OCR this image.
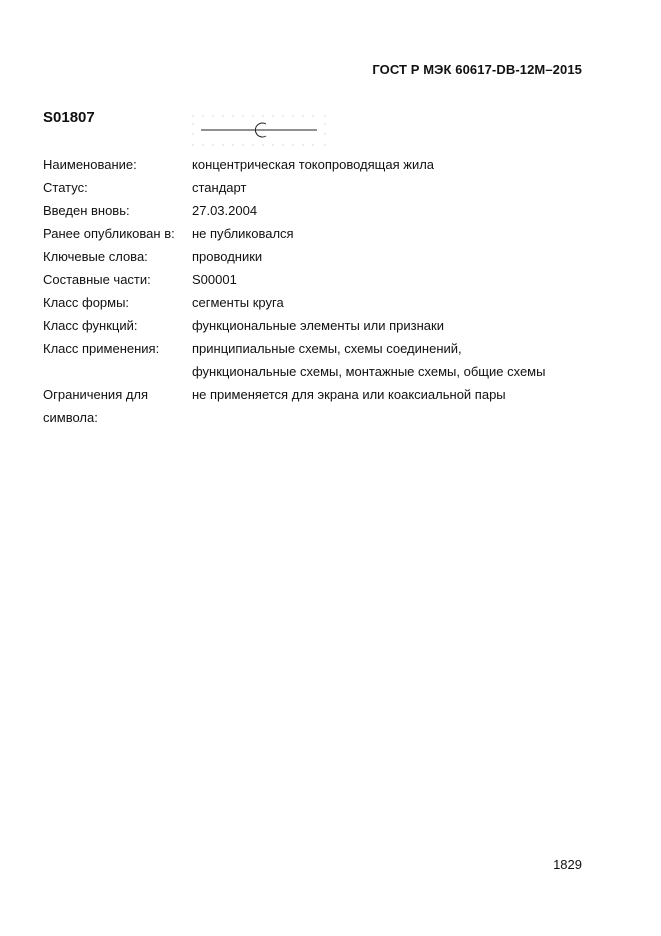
ГОСТ Р МЭК 60617-DB-12M–2015
S01807
Наименование:	концентрическая токопроводящая жила
Статус:	стандарт
Введен вновь:	27.03.2004
Ранее опубликован в:	не публиковался
Ключевые слова:	проводники
Составные части:	S00001
Класс формы:	сегменты круга
Класс функций:	функциональные элементы или признаки
Класс применения:	принципиальные схемы, схемы соединений, функциональные схемы, монтажные схемы, общие схемы
Ограничения для символа:
не применяется для экрана или коаксиальной пары
1829
